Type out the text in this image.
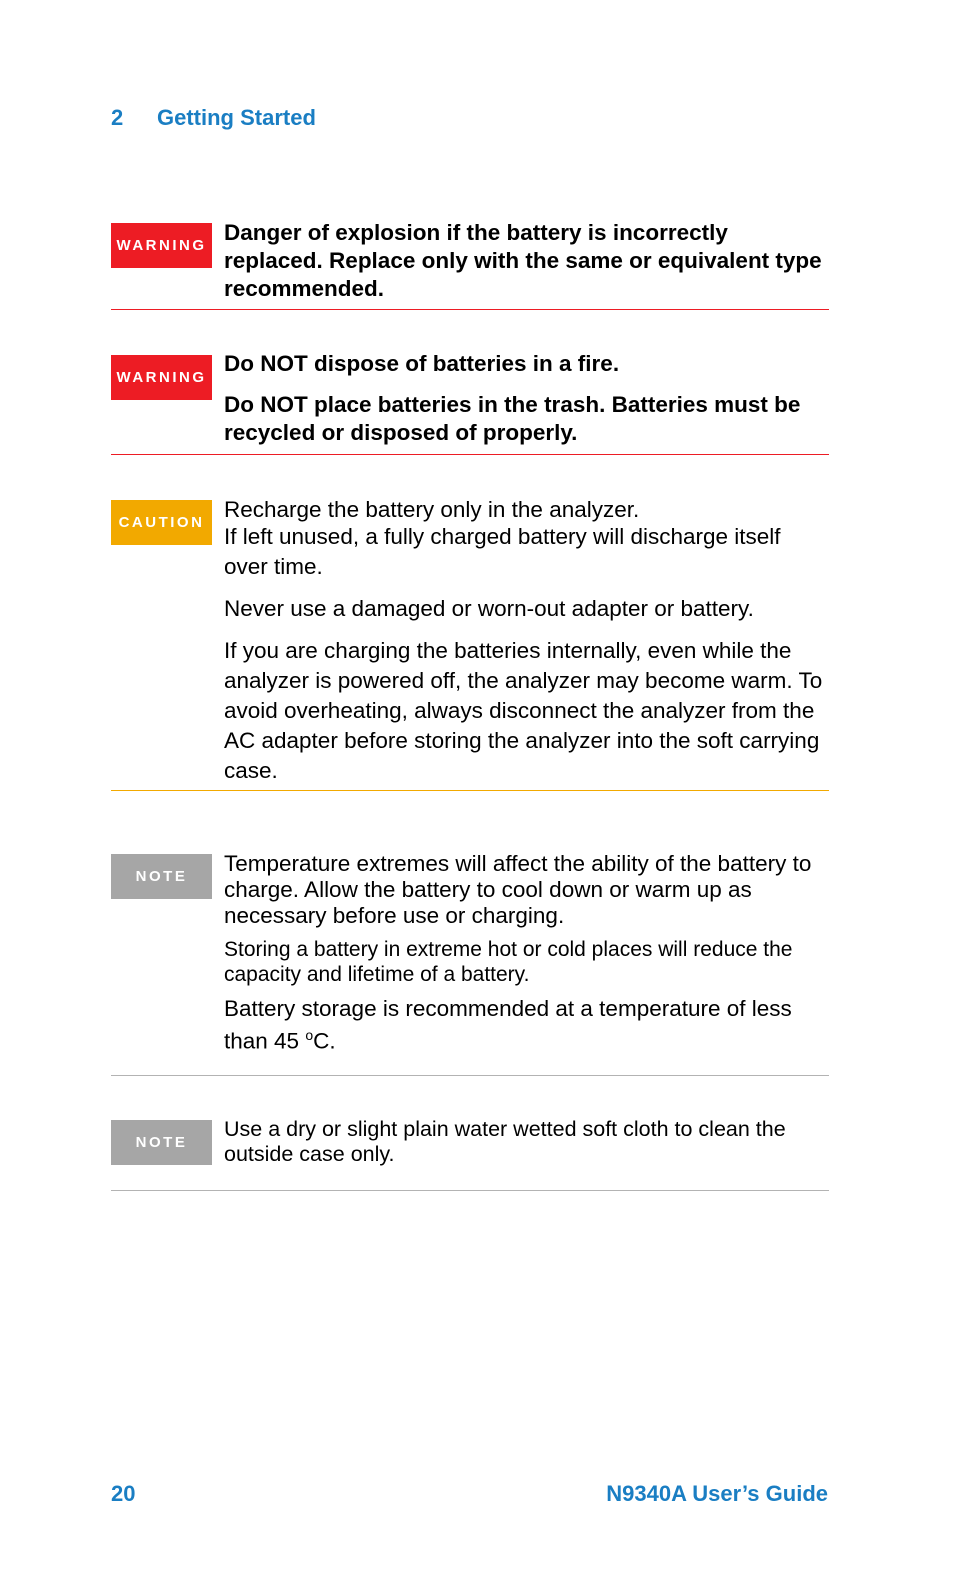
2 Getting Started
WARNING

Danger of explosion if the battery is incorrectly replaced. Replace only with the same or equivalent type recommended.

WARNING

Do NOT dispose of batteries in a fire.

Do NOT place batteries in the trash. Batteries must be recycled or disposed of properly.

CAUTION

Recharge the battery only in the analyzer.

If left unused, a fully charged battery will discharge itself over time.

Never use a damaged or worn-out adapter or battery.

If you are charging the batteries internally, even while the analyzer is powered off, the analyzer may become warm. To avoid overheating, always disconnect the analyzer from the AC adapter before storing the analyzer into the soft carrying case.

NOTE

Temperature extremes will affect the ability of the battery to charge. Allow the battery to cool down or warm up as necessary before use or charging.

Storing a battery in extreme hot or cold places will reduce the capacity and lifetime of a battery.

Battery storage is recommended at a temperature of less than 45 $^o$C.

NOTE

Use a dry or slight plain water wetted soft cloth to clean the outside case only.

20	N9340A User’s Guide
